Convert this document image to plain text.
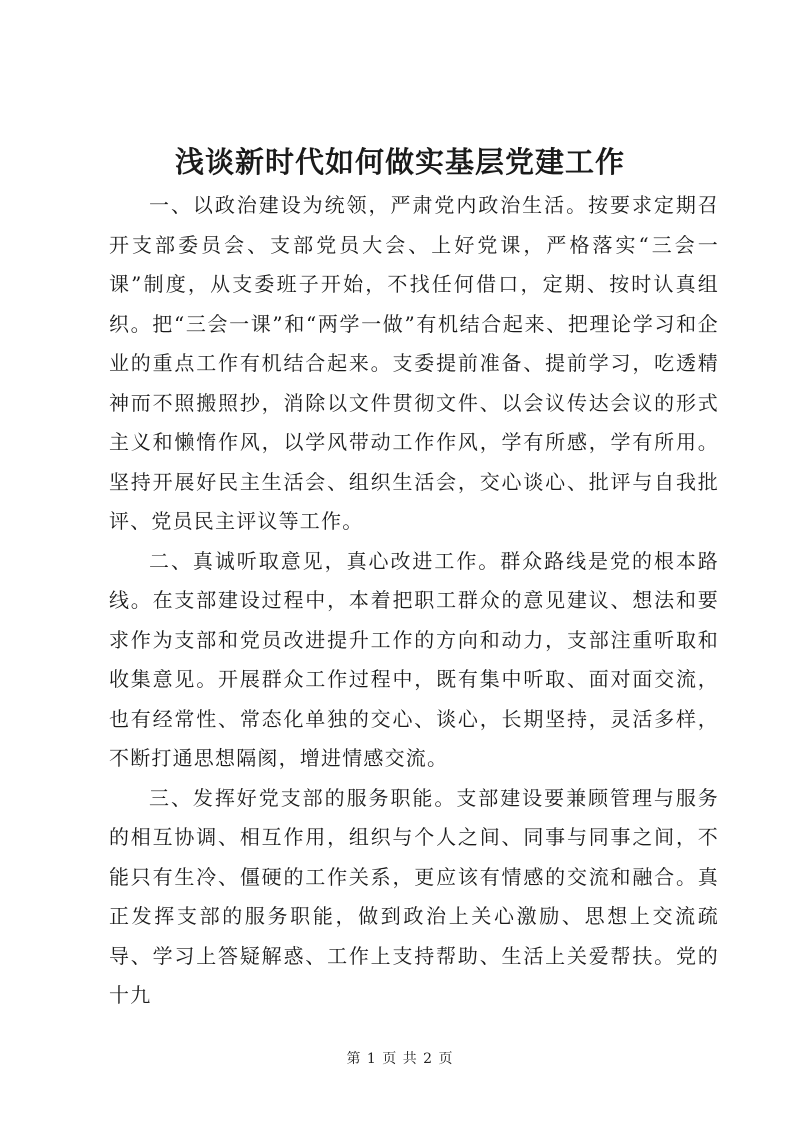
浅谈新时代如何做实基层党建工作

一、以政治建设为统领，严肃党内政治生活。按要求定期召开支部委员会、支部党员大会、上好党课，严格落实“三会一课”制度，从支委班子开始，不找任何借口，定期、按时认真组织。把“三会一课”和“两学一做”有机结合起来、把理论学习和企业的重点工作有机结合起来。支委提前准备、提前学习，吃透精神而不照搬照抄，消除以文件贯彻文件、以会议传达会议的形式主义和懒惰作风，以学风带动工作作风，学有所感，学有所用。坚持开展好民主生活会、组织生活会，交心谈心、批评与自我批评、党员民主评议等工作。

二、真诚听取意见，真心改进工作。群众路线是党的根本路线。在支部建设过程中，本着把职工群众的意见建议、想法和要求作为支部和党员改进提升工作的方向和动力，支部注重听取和收集意见。开展群众工作过程中，既有集中听取、面对面交流，也有经常性、常态化单独的交心、谈心，长期坚持，灵活多样，不断打通思想隔阂，增进情感交流。

三、发挥好党支部的服务职能。支部建设要兼顾管理与服务的相互协调、相互作用，组织与个人之间、同事与同事之间，不能只有生冷、僵硬的工作关系，更应该有情感的交流和融合。真正发挥支部的服务职能，做到政治上关心激励、思想上交流疏导、学习上答疑解惑、工作上支持帮助、生活上关爱帮扶。党的十九

第 1 页 共 2 页
